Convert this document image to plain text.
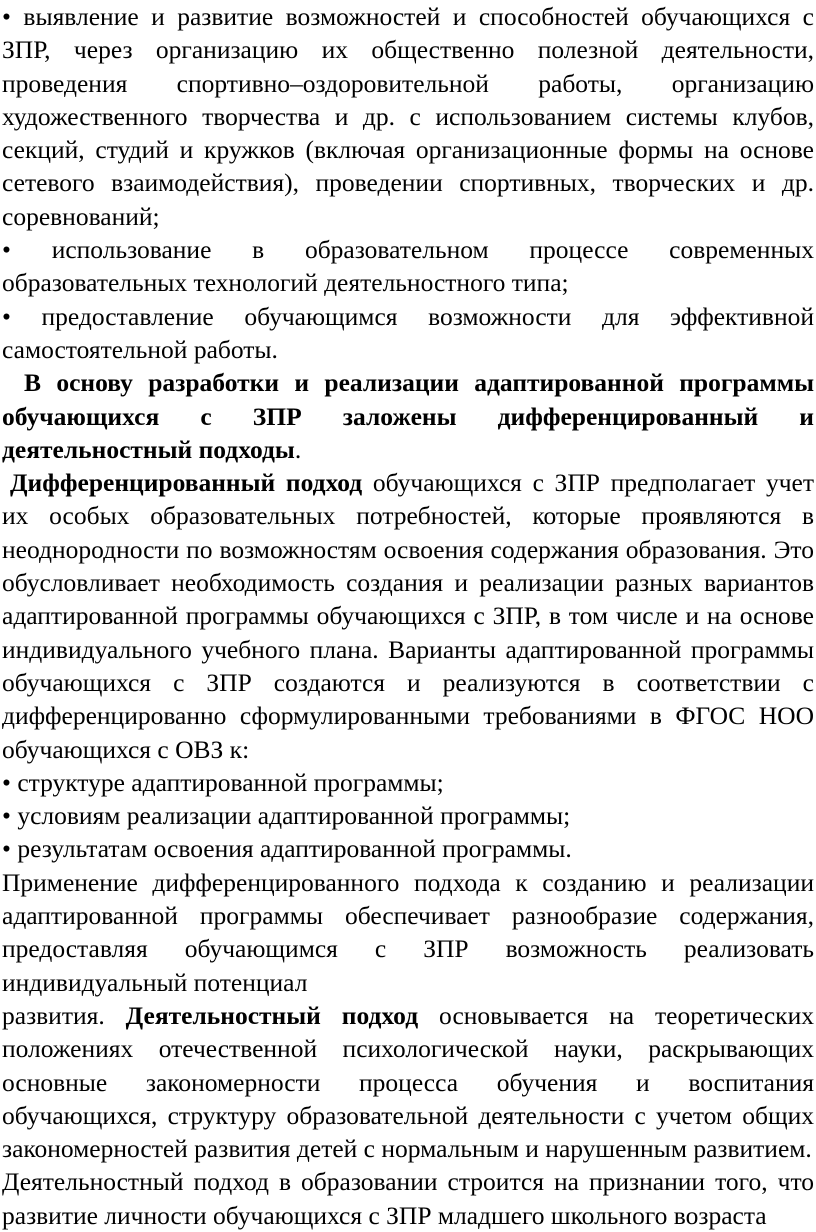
• выявление и развитие возможностей и способностей обучающихся с ЗПР, через организацию их общественно полезной деятельности, проведения спортивно–оздоровительной работы, организацию художественного творчества и др. с использованием системы клубов, секций, студий и кружков (включая организационные формы на основе сетевого взаимодействия), проведении спортивных, творческих и др. соревнований;

• использование в образовательном процессе современных образовательных технологий деятельностного типа;

• предоставление обучающимся возможности для эффективной самостоятельной работы.

В основу разработки и реализации адаптированной программы обучающихся с ЗПР заложены дифференцированный и деятельностный подходы.

Дифференцированный подход обучающихся с ЗПР предполагает учет их особых образовательных потребностей, которые проявляются в неоднородности по возможностям освоения содержания образования. Это обусловливает необходимость создания и реализации разных вариантов адаптированной программы обучающихся с ЗПР, в том числе и на основе индивидуального учебного плана. Варианты адаптированной программы обучающихся с ЗПР создаются и реализуются в соответствии с дифференцированно сформулированными требованиями в ФГОС НОО обучающихся с ОВЗ к:

• структуре адаптированной программы;

• условиям реализации адаптированной программы;

• результатам освоения адаптированной программы.

Применение дифференцированного подхода к созданию и реализации адаптированной программы обеспечивает разнообразие содержания, предоставляя обучающимся с ЗПР возможность реализовать индивидуальный потенциал
развития. Деятельностный подход основывается на теоретических положениях отечественной психологической науки, раскрывающих основные закономерности процесса обучения и воспитания обучающихся, структуру образовательной деятельности с учетом общих закономерностей развития детей с нормальным и нарушенным развитием.

Деятельностный подход в образовании строится на признании того, что развитие личности обучающихся с ЗПР младшего школьного возраста
